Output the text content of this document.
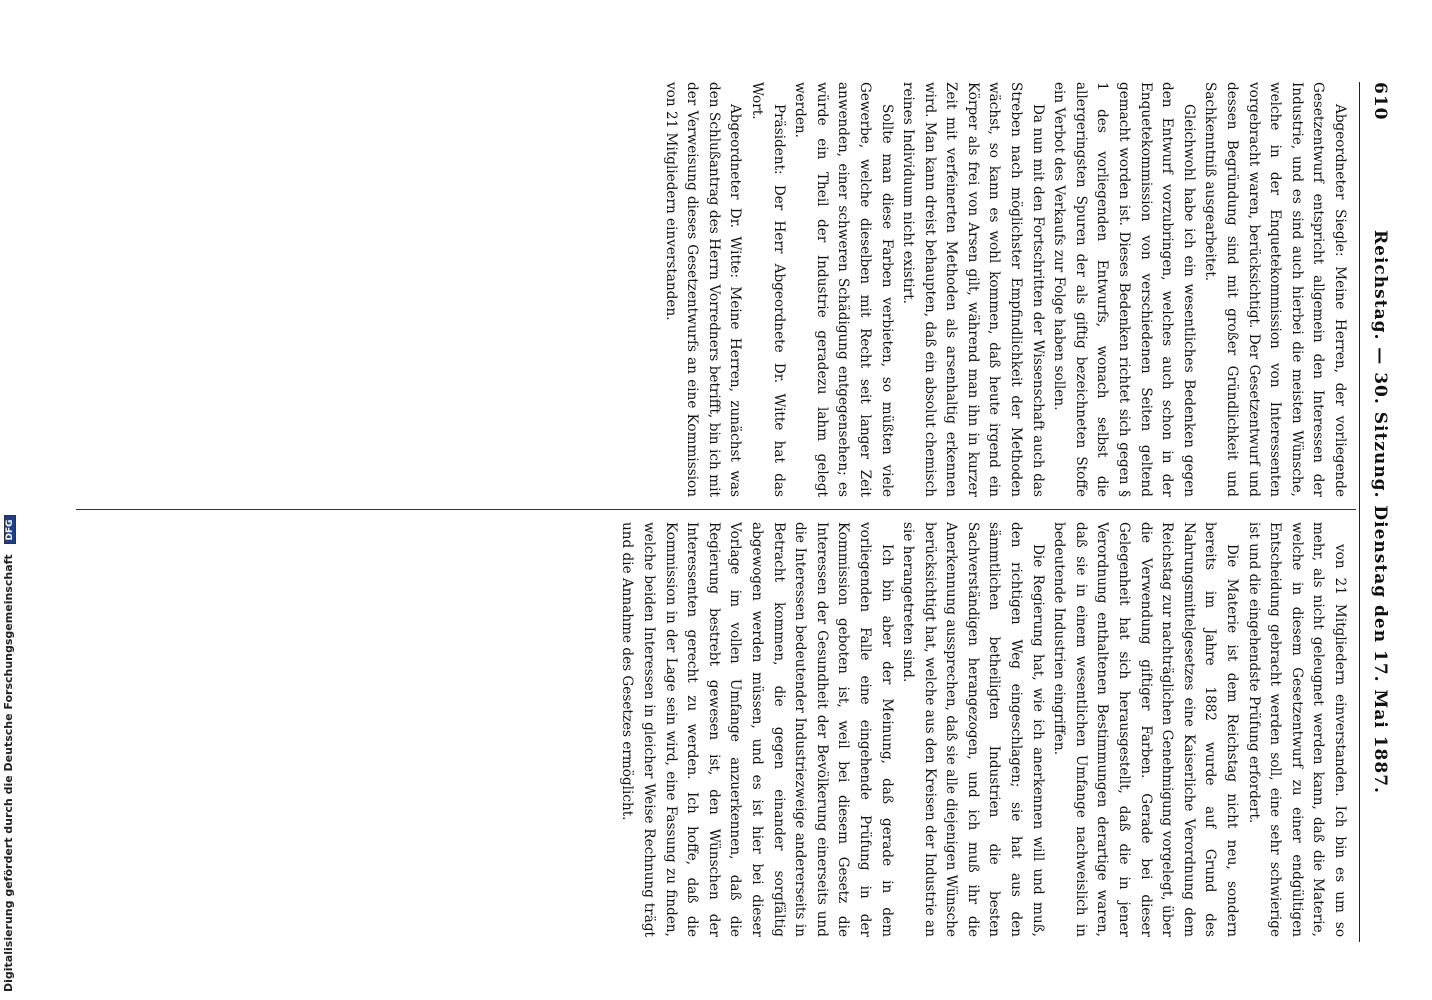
610
Reichstag. — 30. Sitzung. Dienstag den 17. Mai 1887.

Abgeordneter Siegle: Meine Herren, der vorliegende Gesetzentwurf entspricht allgemein den Interessen der Industrie, und es sind auch hierbei die meisten Wünsche, welche in der Enquetekommission von Interessenten vorgebracht waren, berücksichtigt. Der Gesetzentwurf und dessen Begründung sind mit großer Gründlichkeit und Sachkenntniß ausgearbeitet.

Gleichwohl habe ich ein wesentliches Bedenken gegen den Entwurf vorzubringen, welches auch schon in der Enquetekommission von verschiedenen Seiten geltend gemacht worden ist. Dieses Bedenken richtet sich gegen § 1 des vorliegenden Entwurfs, wonach selbst die allergeringsten Spuren der als giftig bezeichneten Stoffe ein Verbot des Verkaufs zur Folge haben sollen.

Da nun mit den Fortschritten der Wissenschaft auch das Streben nach möglichster Empfindlichkeit der Methoden wächst, so kann es wohl kommen, daß heute irgend ein Körper als frei von Arsen gilt, während man ihn in kurzer Zeit mit verfeinerten Methoden als arsenhaltig erkennen wird. Man kann dreist behaupten, daß ein absolut chemisch reines Individuum nicht existirt.

Sollte man diese Farben verbieten, so müßten viele Gewerbe, welche dieselben mit Recht seit langer Zeit anwenden, einer schweren Schädigung entgegensehen; es würde ein Theil der Industrie geradezu lahm gelegt werden.

Präsident: Der Herr Abgeordnete Dr. Witte hat das Wort.

Abgeordneter Dr. Witte: Meine Herren, zunächst was den Schlußantrag des Herrn Vorredners betrifft, bin ich mit der Verweisung dieses Gesetzentwurfs an eine Kommission von 21 Mitgliedern einverstanden.

von 21 Mitgliedern einverstanden. Ich bin es um so mehr, als nicht geleugnet werden kann, daß die Materie, welche in diesem Gesetzentwurf zu einer endgültigen Entscheidung gebracht werden soll, eine sehr schwierige ist und die eingehendste Prüfung erfordert.

Die Materie ist dem Reichstag nicht neu, sondern bereits im Jahre 1882 wurde auf Grund des Nahrungsmittelgesetzes eine Kaiserliche Verordnung dem Reichstag zur nachträglichen Genehmigung vorgelegt, über die Verwendung giftiger Farben. Gerade bei dieser Gelegenheit hat sich herausgestellt, daß die in jener Verordnung enthaltenen Bestimmungen derartige waren, daß sie in einem wesentlichen Umfange nachweislich in bedeutende Industrien eingriffen.

Die Regierung hat, wie ich anerkennen will und muß, den richtigen Weg eingeschlagen; sie hat aus den sämmtlichen betheiligten Industrien die besten Sachverständigen herangezogen, und ich muß ihr die Anerkennung aussprechen, daß sie alle diejenigen Wünsche berücksichtigt hat, welche aus den Kreisen der Industrie an sie herangetreten sind.

Ich bin aber der Meinung, daß gerade in dem vorliegenden Falle eine eingehende Prüfung in der Kommission geboten ist, weil bei diesem Gesetz die Interessen der Gesundheit der Bevölkerung einerseits und die Interessen bedeutender Industriezweige andererseits in Betracht kommen, die gegen einander sorgfältig abgewogen werden müssen, und es ist hier bei dieser Vorlage im vollen Umfange anzuerkennen, daß die Regierung bestrebt gewesen ist, den Wünschen der Interessenten gerecht zu werden. Ich hoffe, daß die Kommission in der Lage sein wird, eine Fassung zu finden, welche beiden Interessen in gleicher Weise Rechnung trägt und die Annahme des Gesetzes ermöglicht.

Digitalisierung gefördert durch die Deutsche Forschungsgemeinschaft DFG
